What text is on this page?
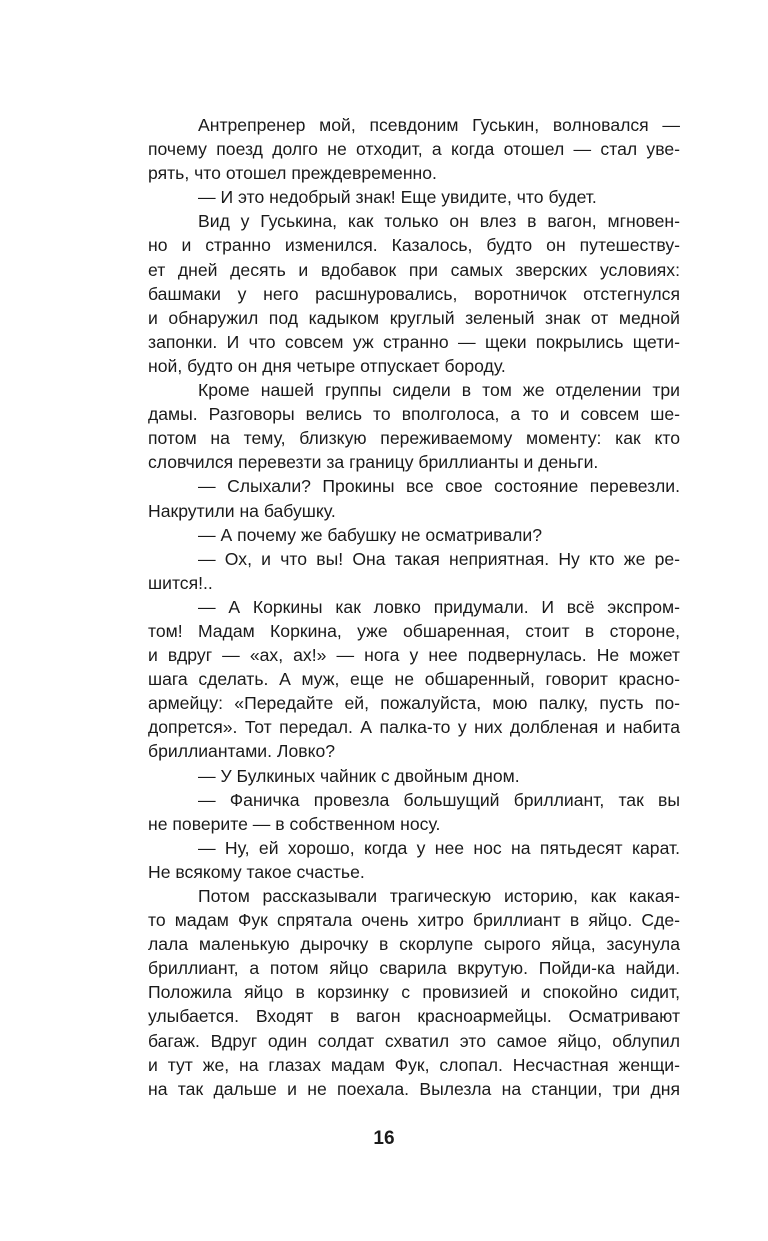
Антрепренер мой, псевдоним Гуськин, волновался —
почему поезд долго не отходит, а когда отошел — стал уве-
рять, что отошел преждевременно.
— И это недобрый знак! Еще увидите, что будет.
Вид у Гуськина, как только он влез в вагон, мгновен-
но и странно изменился. Казалось, будто он путешеству-
ет дней десять и вдобавок при самых зверских условиях:
башмаки у него расшнуровались, воротничок отстегнулся
и обнаружил под кадыком круглый зеленый знак от медной
запонки. И что совсем уж странно — щеки покрылись щети-
ной, будто он дня четыре отпускает бороду.
Кроме нашей группы сидели в том же отделении три
дамы. Разговоры велись то вполголоса, а то и совсем ше-
потом на тему, близкую переживаемому моменту: как кто
словчился перевезти за границу бриллианты и деньги.
— Слыхали? Прокины все свое состояние перевезли.
Накрутили на бабушку.
— А почему же бабушку не осматривали?
— Ох, и что вы! Она такая неприятная. Ну кто же ре-
шится!..
— А Коркины как ловко придумали. И всё экспром-
том! Мадам Коркина, уже обшаренная, стоит в стороне,
и вдруг — «ах, ах!» — нога у нее подвернулась. Не может
шага сделать. А муж, еще не обшаренный, говорит красно-
армейцу: «Передайте ей, пожалуйста, мою палку, пусть по-
допрется». Тот передал. А палка-то у них долбленая и набита
бриллиантами. Ловко?
— У Булкиных чайник с двойным дном.
— Фаничка провезла большущий бриллиант, так вы
не поверите — в собственном носу.
— Ну, ей хорошо, когда у нее нос на пятьдесят карат.
Не всякому такое счастье.
Потом рассказывали трагическую историю, как какая-
то мадам Фук спрятала очень хитро бриллиант в яйцо. Сде-
лала маленькую дырочку в скорлупе сырого яйца, засунула
бриллиант, а потом яйцо сварила вкрутую. Пойди-ка найди.
Положила яйцо в корзинку с провизией и спокойно сидит,
улыбается. Входят в вагон красноармейцы. Осматривают
багаж. Вдруг один солдат схватил это самое яйцо, облупил
и тут же, на глазах мадам Фук, слопал. Несчастная женщи-
на так дальше и не поехала. Вылезла на станции, три дня
16
